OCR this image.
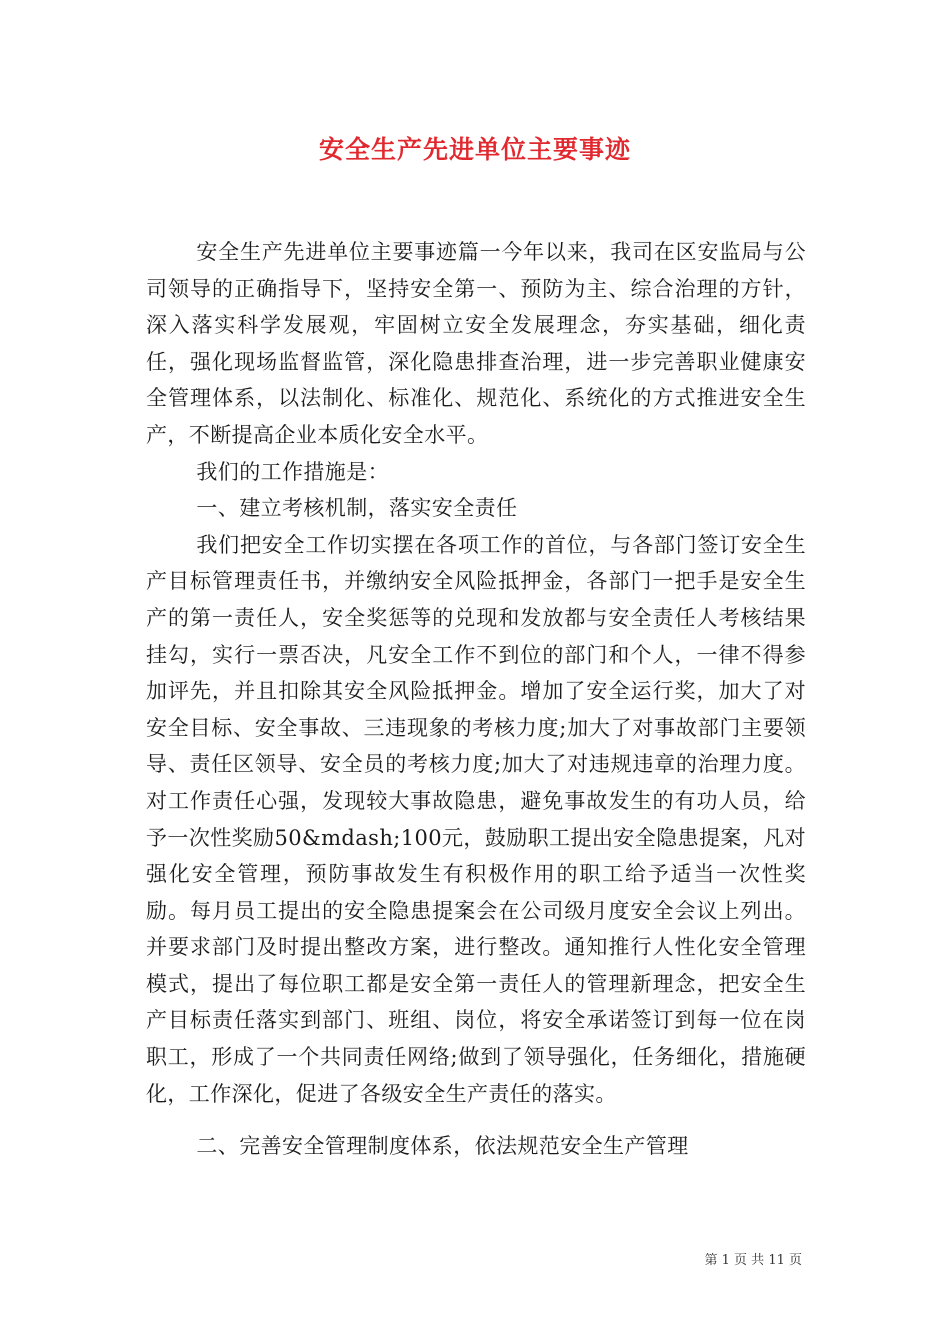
安全生产先进单位主要事迹

安全生产先进单位主要事迹篇一今年以来，我司在区安监局与公司领导的正确指导下，坚持安全第一、预防为主、综合治理的方针，深入落实科学发展观，牢固树立安全发展理念，夯实基础，细化责任，强化现场监督监管，深化隐患排查治理，进一步完善职业健康安全管理体系，以法制化、标准化、规范化、系统化的方式推进安全生产，不断提高企业本质化安全水平。

我们的工作措施是：

一、建立考核机制，落实安全责任

我们把安全工作切实摆在各项工作的首位，与各部门签订安全生产目标管理责任书，并缴纳安全风险抵押金，各部门一把手是安全生产的第一责任人，安全奖惩等的兑现和发放都与安全责任人考核结果挂勾，实行一票否决，凡安全工作不到位的部门和个人，一律不得参加评先，并且扣除其安全风险抵押金。增加了安全运行奖，加大了对安全目标、安全事故、三违现象的考核力度;加大了对事故部门主要领导、责任区领导、安全员的考核力度;加大了对违规违章的治理力度。对工作责任心强，发现较大事故隐患，避免事故发生的有功人员，给予一次性奖励50&mdash;100元，鼓励职工提出安全隐患提案，凡对强化安全管理，预防事故发生有积极作用的职工给予适当一次性奖励。每月员工提出的安全隐患提案会在公司级月度安全会议上列出。并要求部门及时提出整改方案，进行整改。通知推行人性化安全管理模式，提出了每位职工都是安全第一责任人的管理新理念，把安全生产目标责任落实到部门、班组、岗位，将安全承诺签订到每一位在岗职工，形成了一个共同责任网络;做到了领导强化，任务细化，措施硬化，工作深化，促进了各级安全生产责任的落实。

二、完善安全管理制度体系，依法规范安全生产管理

第 1 页 共 11 页
